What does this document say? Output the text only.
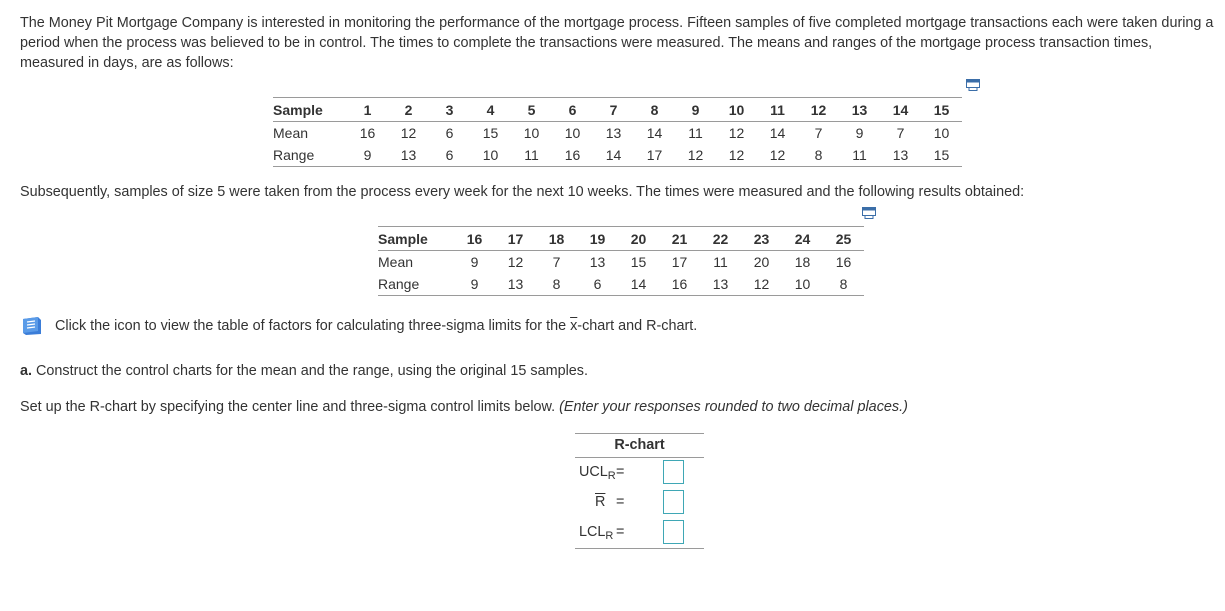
The Money Pit Mortgage Company is interested in monitoring the performance of the mortgage process. Fifteen samples of five completed mortgage transactions each were taken during a period when the process was believed to be in control. The times to complete the transactions were measured. The means and ranges of the mortgage process transaction times, measured in days, are as follows:
Sample	1	2	3	4	5	6	7	8	9	10	11	12	13	14	15
Mean	16	12	6	15	10	10	13	14	11	12	14	7	9	7	10
Range	9	13	6	10	11	16	14	17	12	12	12	8	11	13	15
Subsequently, samples of size 5 were taken from the process every week for the next 10 weeks. The times were measured and the following results obtained:
Sample	16	17	18	19	20	21	22	23	24	25
Mean	9	12	7	13	15	17	11	20	18	16
Range	9	13	8	6	14	16	13	12	10	8
Click the icon to view the table of factors for calculating three-sigma limits for the $\overline{x}$-chart and R-chart.
a. Construct the control charts for the mean and the range, using the original 15 samples.
Set up the R-chart by specifying the center line and three-sigma control limits below. (Enter your responses rounded to two decimal places.)
R-chart
$UCL_R$ =
$\overline{R}$ =
$LCL_R$ =
